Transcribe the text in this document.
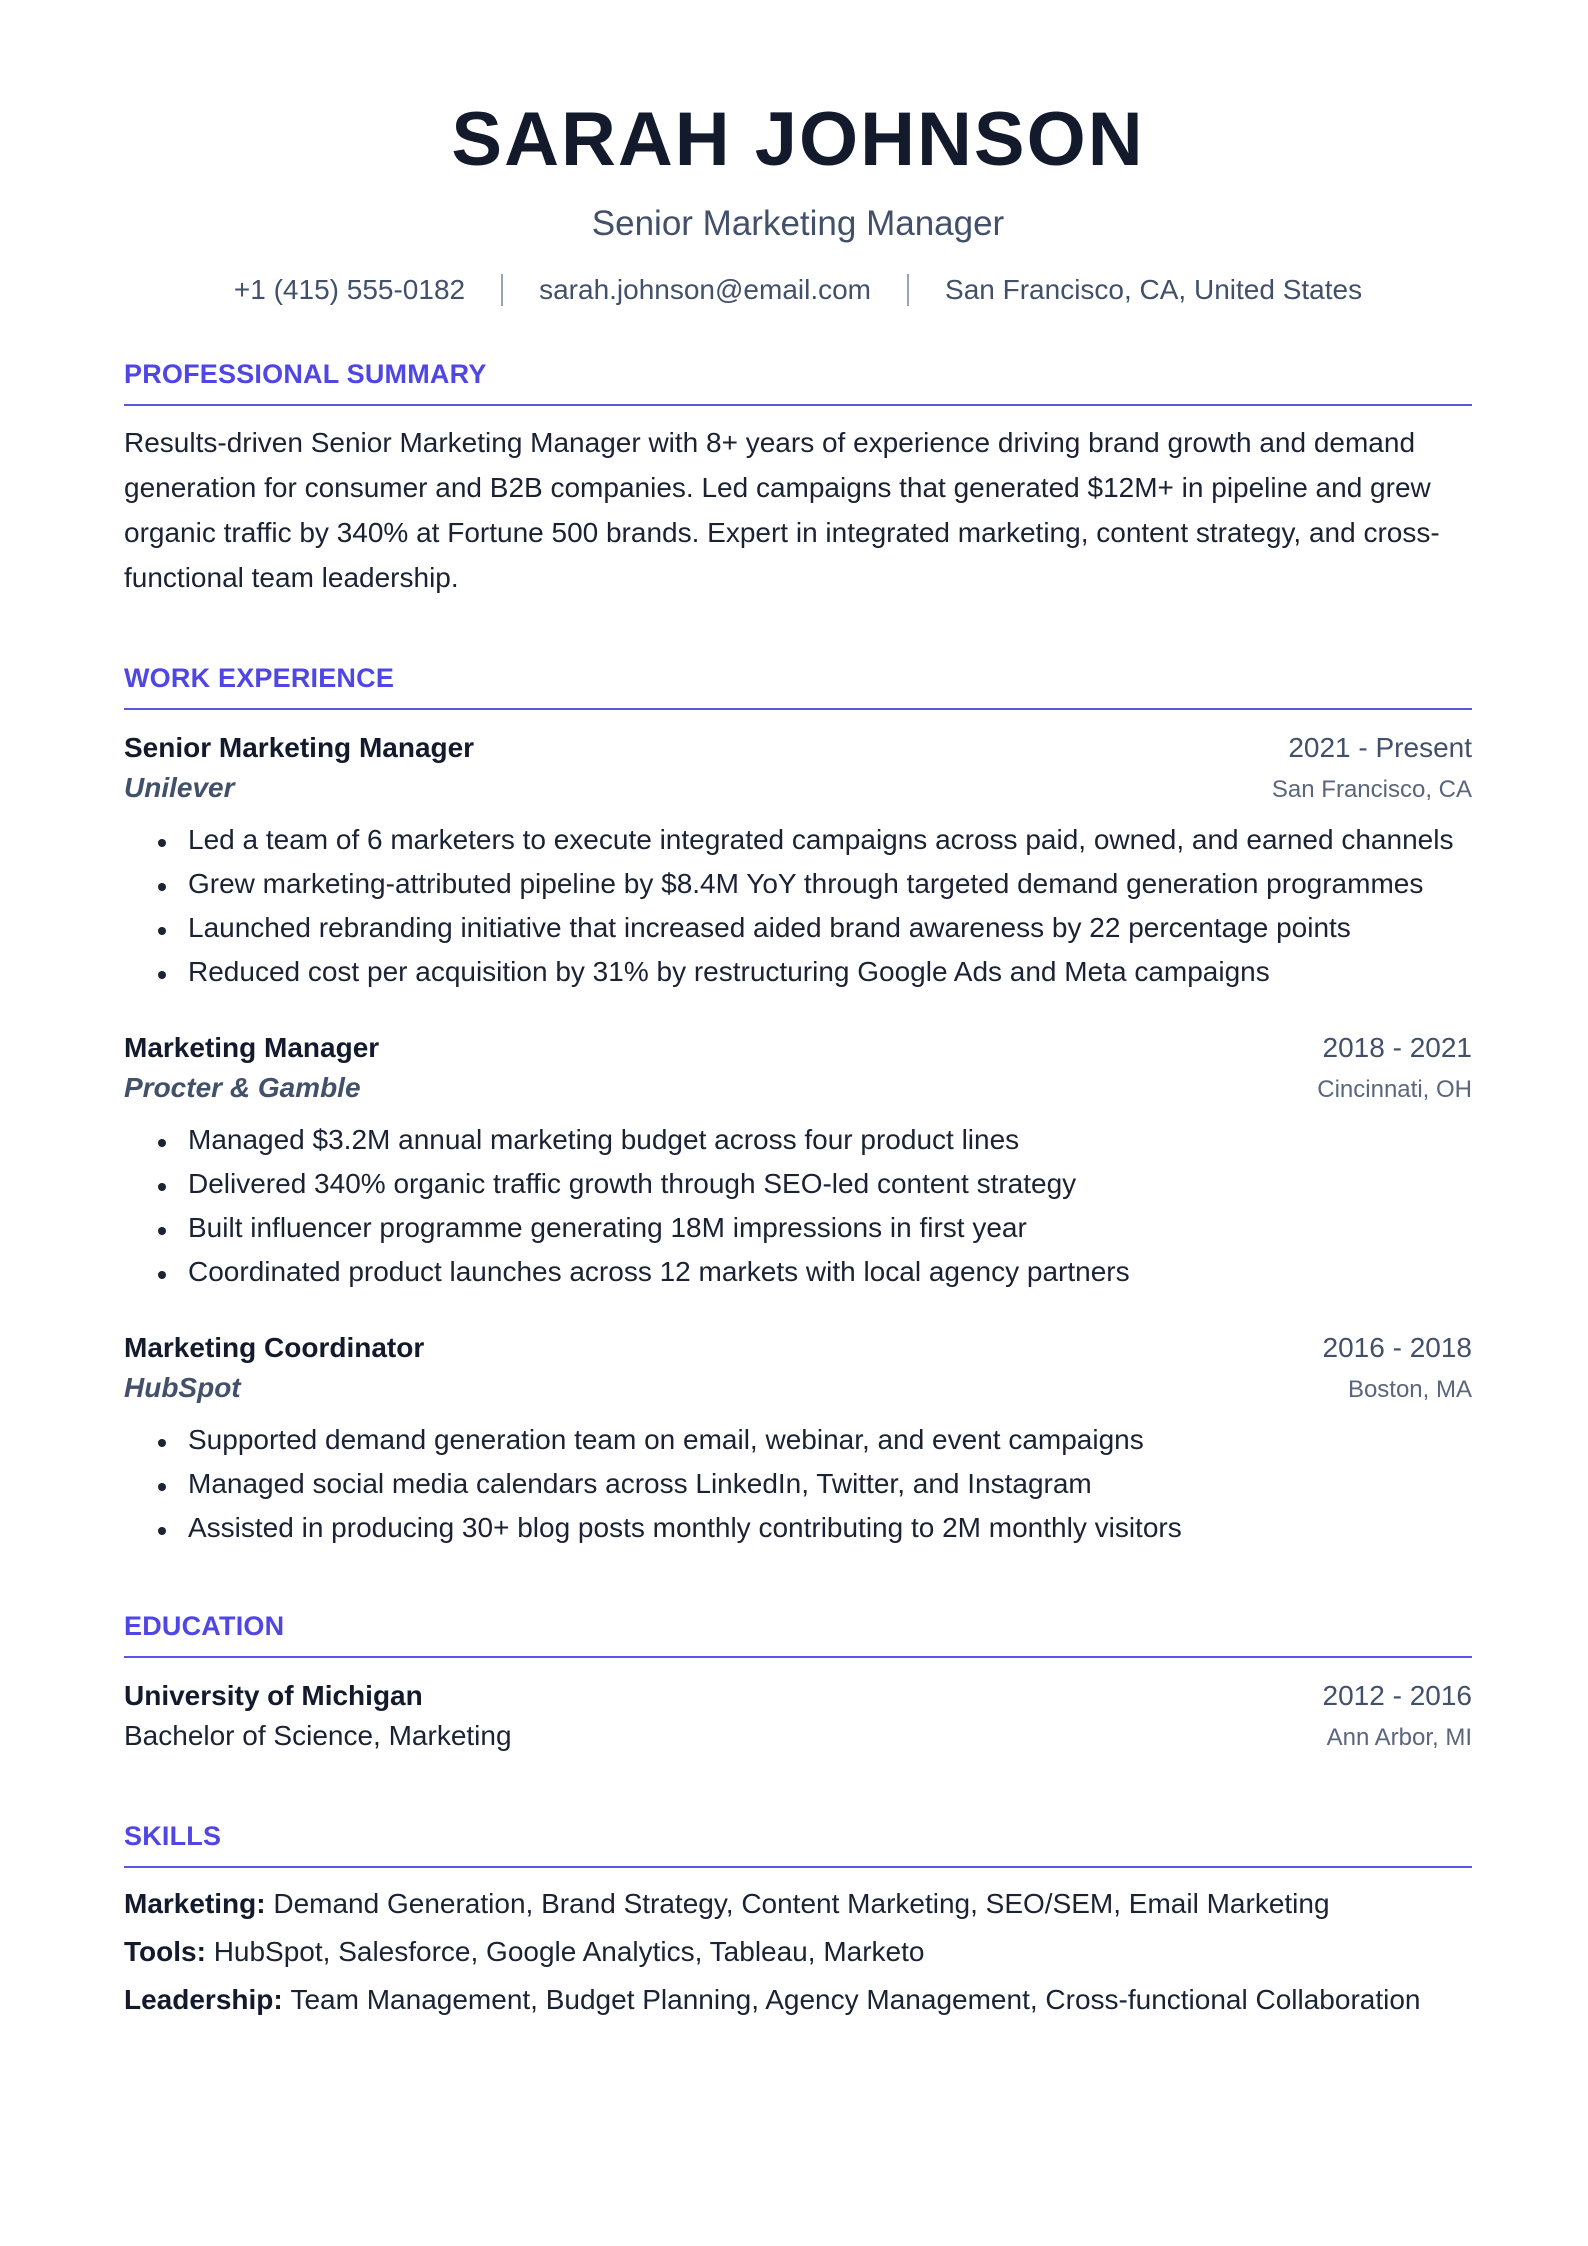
SARAH JOHNSON
Senior Marketing Manager
+1 (415) 555-0182	sarah.johnson@email.com	San Francisco, CA, United States
PROFESSIONAL SUMMARY

Results-driven Senior Marketing Manager with 8+ years of experience driving brand growth and demand generation for consumer and B2B companies. Led campaigns that generated $12M+ in pipeline and grew organic traffic by 340% at Fortune 500 brands. Expert in integrated marketing, content strategy, and cross-functional team leadership.

WORK EXPERIENCE
Senior Marketing Manager	2021 - Present
Unilever	San Francisco, CA
Led a team of 6 marketers to execute integrated campaigns across paid, owned, and earned channels
Grew marketing-attributed pipeline by $8.4M YoY through targeted demand generation programmes
Launched rebranding initiative that increased aided brand awareness by 22 percentage points
Reduced cost per acquisition by 31% by restructuring Google Ads and Meta campaigns
Marketing Manager	2018 - 2021
Procter & Gamble	Cincinnati, OH
Managed $3.2M annual marketing budget across four product lines
Delivered 340% organic traffic growth through SEO-led content strategy
Built influencer programme generating 18M impressions in first year
Coordinated product launches across 12 markets with local agency partners
Marketing Coordinator	2016 - 2018
HubSpot	Boston, MA
Supported demand generation team on email, webinar, and event campaigns
Managed social media calendars across LinkedIn, Twitter, and Instagram
Assisted in producing 30+ blog posts monthly contributing to 2M monthly visitors
EDUCATION
University of Michigan	2012 - 2016
Bachelor of Science, Marketing	Ann Arbor, MI
SKILLS

Marketing: Demand Generation, Brand Strategy, Content Marketing, SEO/SEM, Email Marketing

Tools: HubSpot, Salesforce, Google Analytics, Tableau, Marketo

Leadership: Team Management, Budget Planning, Agency Management, Cross-functional Collaboration
